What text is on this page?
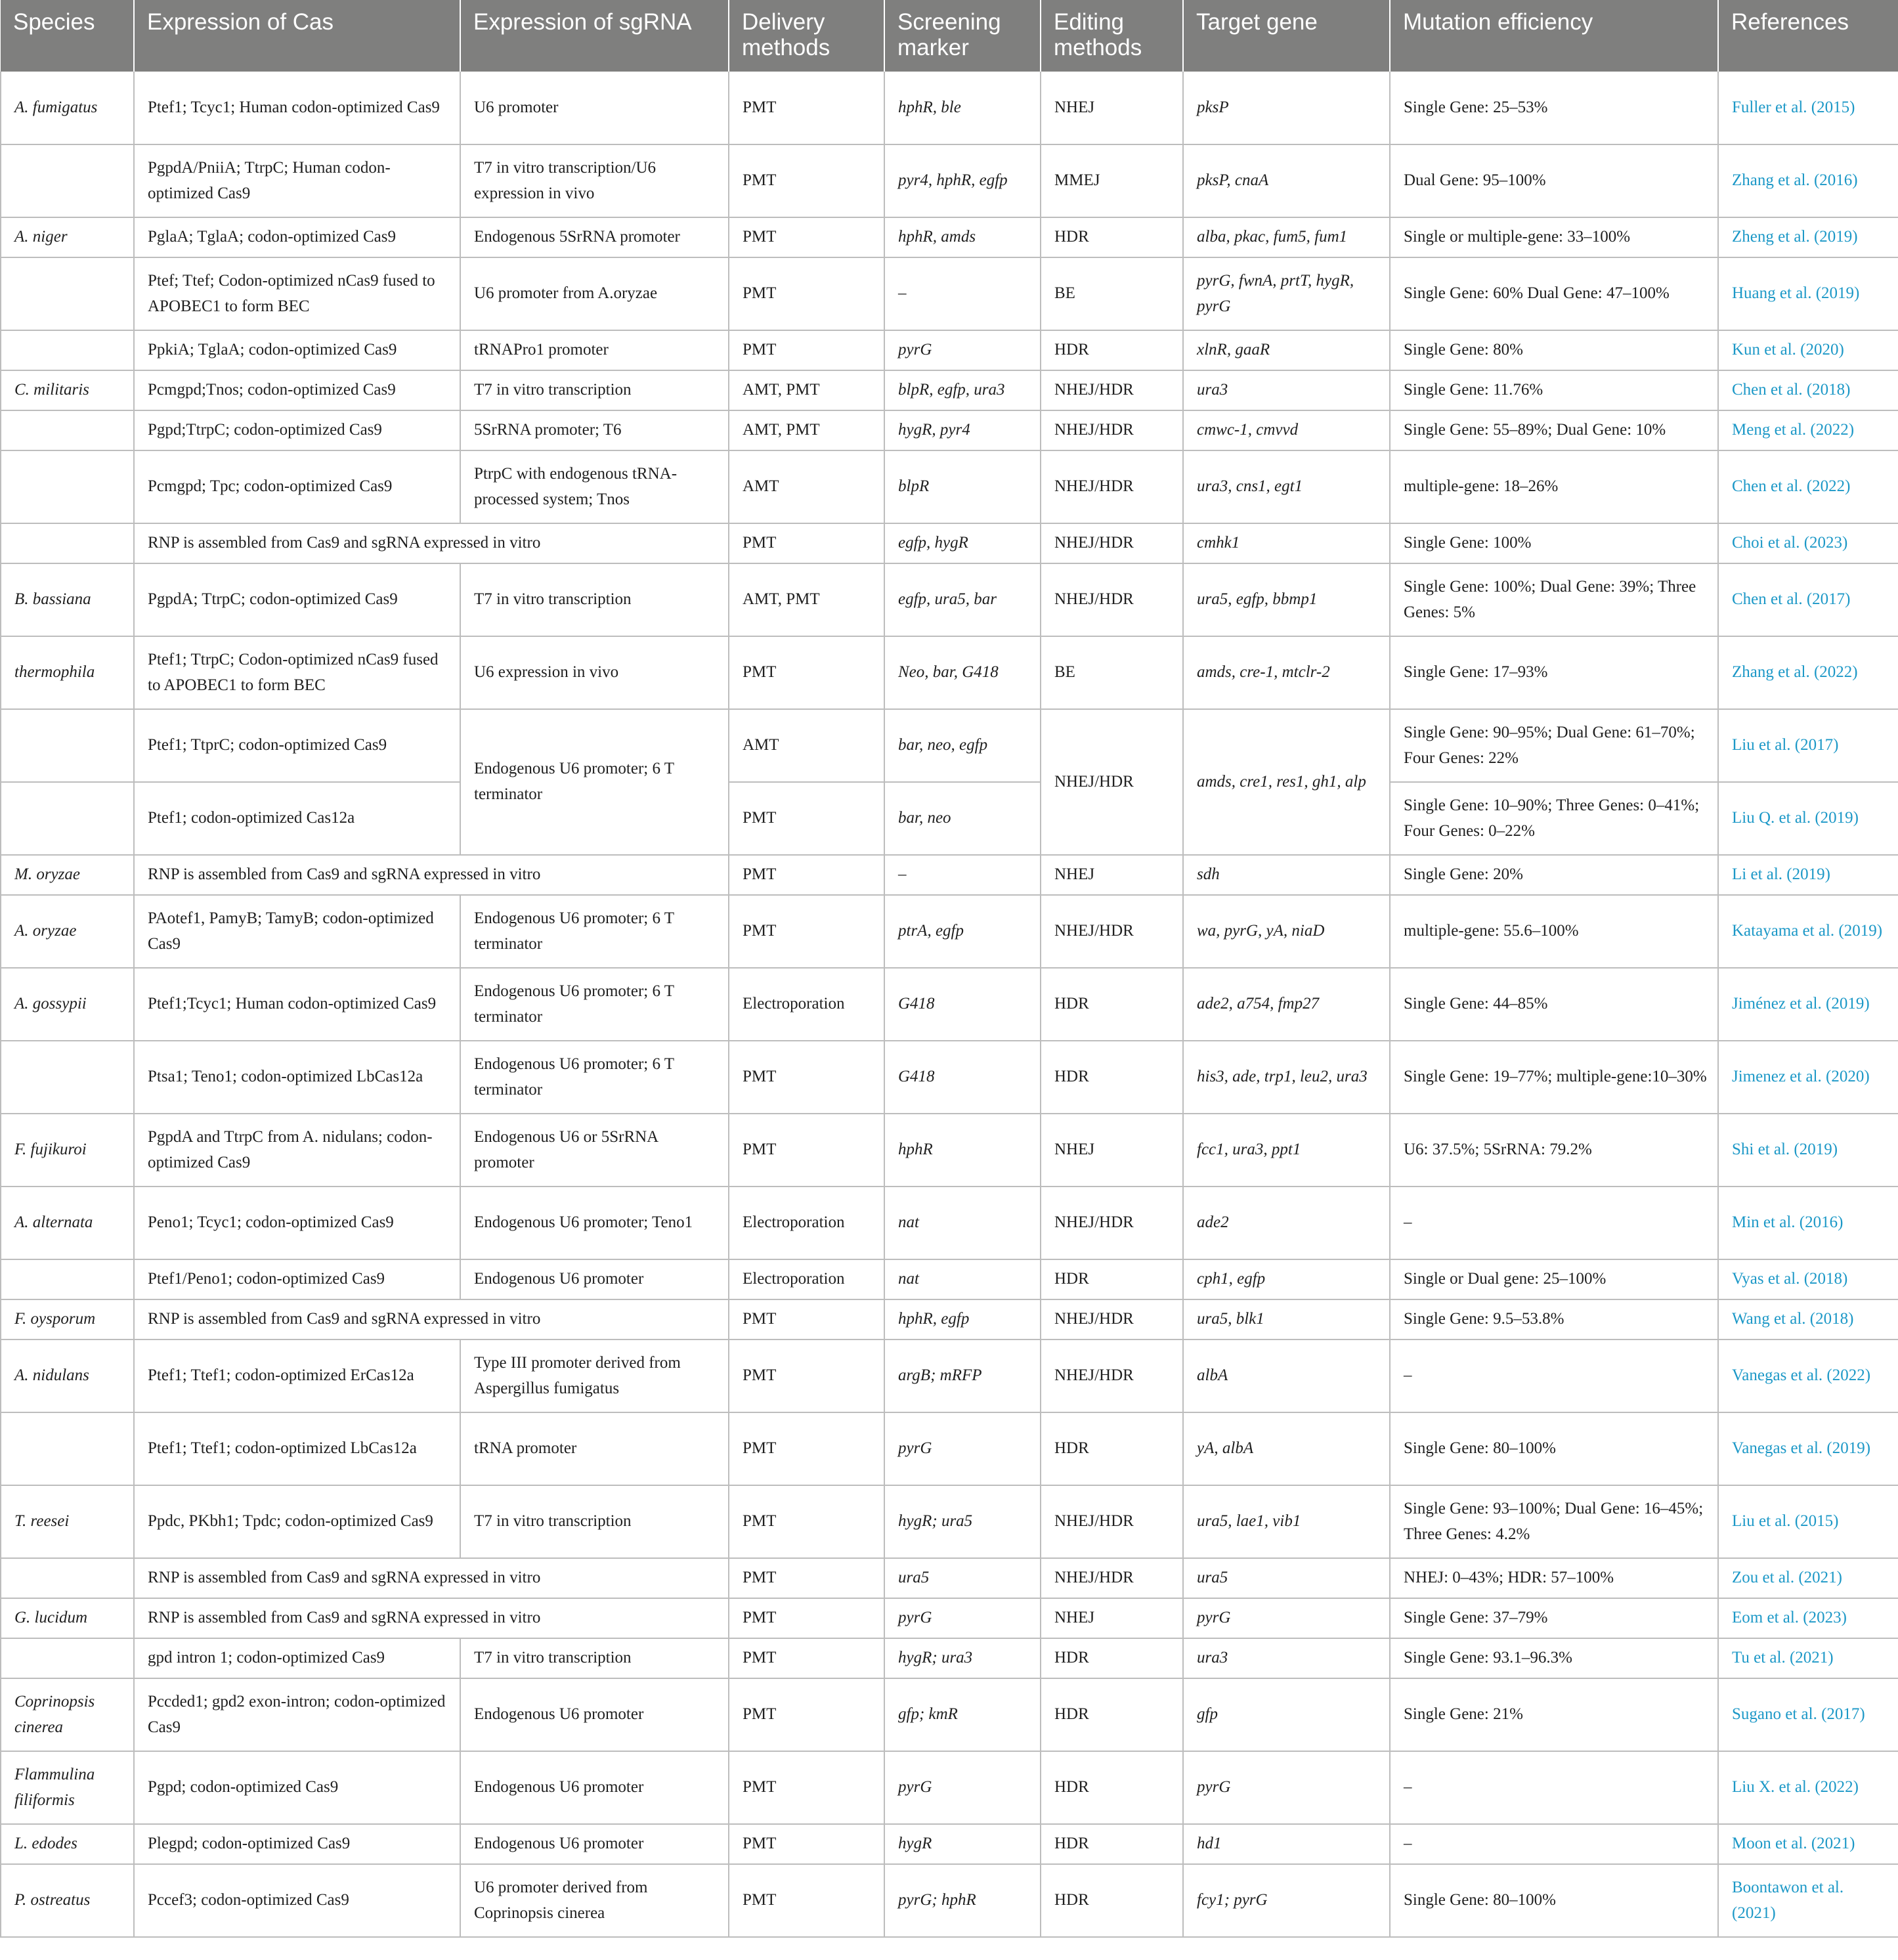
Species	Expression of Cas	Expression of sgRNA	Delivery methods	Screening marker	Editing methods	Target gene	Mutation efficiency	References
A. fumigatus	Ptef1; Tcyc1; Human codon-optimized Cas9	U6 promoter	PMT	hphR, ble	NHEJ	pksP	Single Gene: 25–53%	Fuller et al. (2015)
	PgpdA/PniiA; TtrpC; Human codon-optimized Cas9	T7 in vitro transcription/U6 expression in vivo	PMT	pyr4, hphR, egfp	MMEJ	pksP, cnaA	Dual Gene: 95–100%	Zhang et al. (2016)
A. niger	PglaA; TglaA; codon-optimized Cas9	Endogenous 5SrRNA promoter	PMT	hphR, amds	HDR	alba, pkac, fum5, fum1	Single or multiple-gene: 33–100%	Zheng et al. (2019)
	Ptef; Ttef; Codon-optimized nCas9 fused to APOBEC1 to form BEC	U6 promoter from A.oryzae	PMT	–	BE	pyrG, fwnA, prtT, hygR, pyrG	Single Gene: 60% Dual Gene: 47–100%	Huang et al. (2019)
	PpkiA; TglaA; codon-optimized Cas9	tRNAPro1 promoter	PMT	pyrG	HDR	xlnR, gaaR	Single Gene: 80%	Kun et al. (2020)
C. militaris	Pcmgpd;Tnos; codon-optimized Cas9	T7 in vitro transcription	AMT, PMT	blpR, egfp, ura3	NHEJ/HDR	ura3	Single Gene: 11.76%	Chen et al. (2018)
	Pgpd;TtrpC; codon-optimized Cas9	5SrRNA promoter; T6	AMT, PMT	hygR, pyr4	NHEJ/HDR	cmwc-1, cmvvd	Single Gene: 55–89%; Dual Gene: 10%	Meng et al. (2022)
	Pcmgpd; Tpc; codon-optimized Cas9	PtrpC with endogenous tRNA-processed system; Tnos	AMT	blpR	NHEJ/HDR	ura3, cns1, egt1	multiple-gene: 18–26%	Chen et al. (2022)
	RNP is assembled from Cas9 and sgRNA expressed in vitro		PMT	egfp, hygR	NHEJ/HDR	cmhk1	Single Gene: 100%	Choi et al. (2023)
B. bassiana	PgpdA; TtrpC; codon-optimized Cas9	T7 in vitro transcription	AMT, PMT	egfp, ura5, bar	NHEJ/HDR	ura5, egfp, bbmp1	Single Gene: 100%; Dual Gene: 39%; Three Genes: 5%	Chen et al. (2017)
thermophila	Ptef1; TtrpC; Codon-optimized nCas9 fused to APOBEC1 to form BEC	U6 expression in vivo	PMT	Neo, bar, G418	BE	amds, cre-1, mtclr-2	Single Gene: 17–93%	Zhang et al. (2022)
	Ptef1; TtprC; codon-optimized Cas9	Endogenous U6 promoter; 6 T terminator	AMT	bar, neo, egfp	NHEJ/HDR	amds, cre1, res1, gh1, alp	Single Gene: 90–95%; Dual Gene: 61–70%; Four Genes: 22%	Liu et al. (2017)
	Ptef1; codon-optimized Cas12a		PMT	bar, neo			Single Gene: 10–90%; Three Genes: 0–41%; Four Genes: 0–22%	Liu Q. et al. (2019)
M. oryzae	RNP is assembled from Cas9 and sgRNA expressed in vitro		PMT	–	NHEJ	sdh	Single Gene: 20%	Li et al. (2019)
A. oryzae	PAotef1, PamyB; TamyB; codon-optimized Cas9	Endogenous U6 promoter; 6 T terminator	PMT	ptrA, egfp	NHEJ/HDR	wa, pyrG, yA, niaD	multiple-gene: 55.6–100%	Katayama et al. (2019)
A. gossypii	Ptef1;Tcyc1; Human codon-optimized Cas9	Endogenous U6 promoter; 6 T terminator	Electroporation	G418	HDR	ade2, a754, fmp27	Single Gene: 44–85%	Jiménez et al. (2019)
	Ptsa1; Teno1; codon-optimized LbCas12a	Endogenous U6 promoter; 6 T terminator	PMT	G418	HDR	his3, ade, trp1, leu2, ura3	Single Gene: 19–77%; multiple-gene:10–30%	Jimenez et al. (2020)
F. fujikuroi	PgpdA and TtrpC from A. nidulans; codon-optimized Cas9	Endogenous U6 or 5SrRNA promoter	PMT	hphR	NHEJ	fcc1, ura3, ppt1	U6: 37.5%; 5SrRNA: 79.2%	Shi et al. (2019)
A. alternata	Peno1; Tcyc1; codon-optimized Cas9	Endogenous U6 promoter; Teno1	Electroporation	nat	NHEJ/HDR	ade2	–	Min et al. (2016)
	Ptef1/Peno1; codon-optimized Cas9	Endogenous U6 promoter	Electroporation	nat	HDR	cph1, egfp	Single or Dual gene: 25–100%	Vyas et al. (2018)
F. oysporum	RNP is assembled from Cas9 and sgRNA expressed in vitro		PMT	hphR, egfp	NHEJ/HDR	ura5, blk1	Single Gene: 9.5–53.8%	Wang et al. (2018)
A. nidulans	Ptef1; Ttef1; codon-optimized ErCas12a	Type III promoter derived from Aspergillus fumigatus	PMT	argB; mRFP	NHEJ/HDR	albA	–	Vanegas et al. (2022)
	Ptef1; Ttef1; codon-optimized LbCas12a	tRNA promoter	PMT	pyrG	HDR	yA, albA	Single Gene: 80–100%	Vanegas et al. (2019)
T. reesei	Ppdc, PKbh1; Tpdc; codon-optimized Cas9	T7 in vitro transcription	PMT	hygR; ura5	NHEJ/HDR	ura5, lae1, vib1	Single Gene: 93–100%; Dual Gene: 16–45%; Three Genes: 4.2%	Liu et al. (2015)
	RNP is assembled from Cas9 and sgRNA expressed in vitro		PMT	ura5	NHEJ/HDR	ura5	NHEJ: 0–43%; HDR: 57–100%	Zou et al. (2021)
G. lucidum	RNP is assembled from Cas9 and sgRNA expressed in vitro		PMT	pyrG	NHEJ	pyrG	Single Gene: 37–79%	Eom et al. (2023)
	gpd intron 1; codon-optimized Cas9	T7 in vitro transcription	PMT	hygR; ura3	HDR	ura3	Single Gene: 93.1–96.3%	Tu et al. (2021)
Coprinopsis cinerea	Pccded1; gpd2 exon-intron; codon-optimized Cas9	Endogenous U6 promoter	PMT	gfp; kmR	HDR	gfp	Single Gene: 21%	Sugano et al. (2017)
Flammulina filiformis	Pgpd; codon-optimized Cas9	Endogenous U6 promoter	PMT	pyrG	HDR	pyrG	–	Liu X. et al. (2022)
L. edodes	Plegpd; codon-optimized Cas9	Endogenous U6 promoter	PMT	hygR	HDR	hd1	–	Moon et al. (2021)
P. ostreatus	Pccef3; codon-optimized Cas9	U6 promoter derived from Coprinopsis cinerea	PMT	pyrG; hphR	HDR	fcy1; pyrG	Single Gene: 80–100%	Boontawon et al. (2021)
